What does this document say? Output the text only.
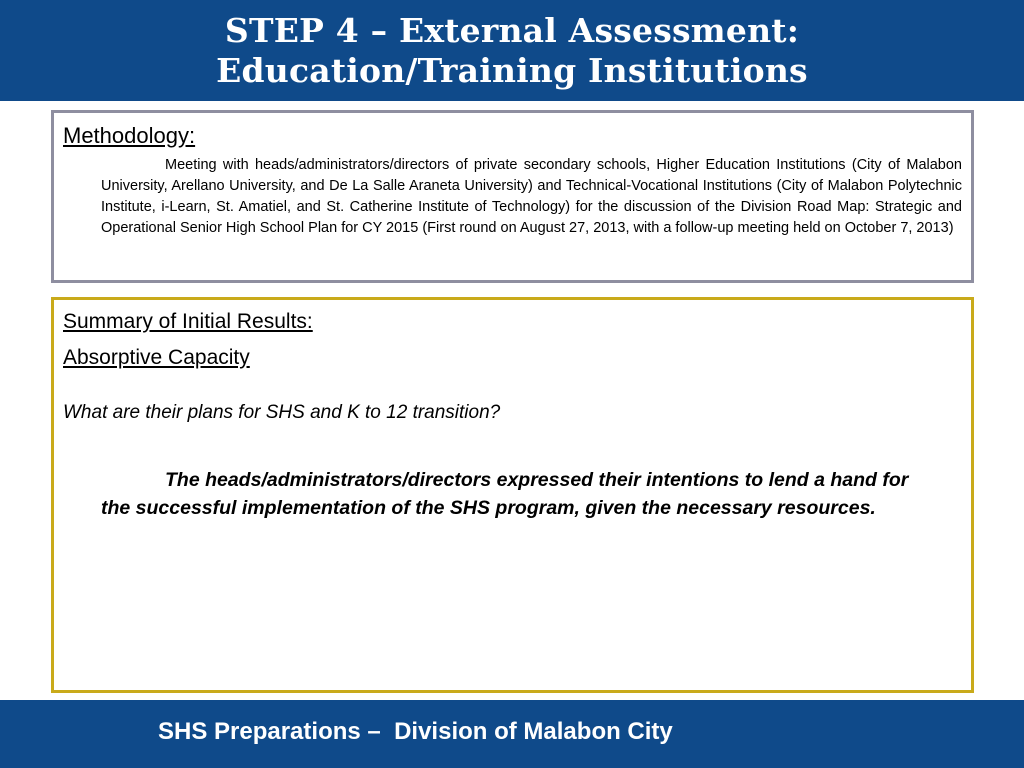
STEP 4 – External Assessment:
Education/Training Institutions
Methodology:

Meeting with heads/administrators/directors of private secondary schools, Higher Education Institutions (City of Malabon University, Arellano University, and De La Salle Araneta University) and Technical-Vocational Institutions (City of Malabon Polytechnic Institute, i-Learn, St. Amatiel, and St. Catherine Institute of Technology) for the discussion of the Division Road Map: Strategic and Operational Senior High School Plan for CY 2015 (First round on August 27, 2013, with a follow-up meeting held on October 7, 2013)

Summary of Initial Results:
Absorptive Capacity

What are their plans for SHS and K to 12 transition?

The heads/administrators/directors expressed their intentions to lend a hand for the successful implementation of the SHS program, given the necessary resources.

SHS Preparations –  Division of Malabon City
